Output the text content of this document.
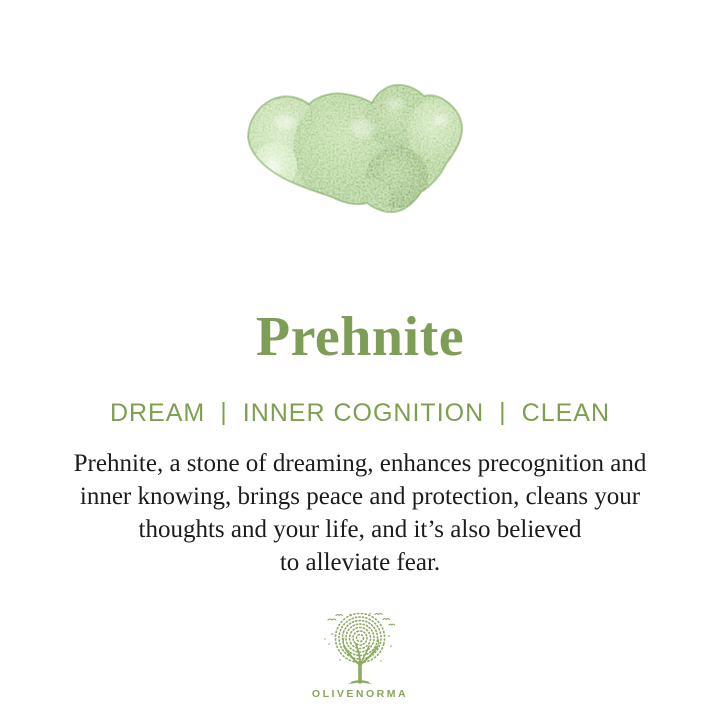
Prehnite
DREAM | INNER COGNITION | CLEAN
Prehnite, a stone of dreaming, enhances precognition and
inner knowing, brings peace and protection, cleans your
thoughts and your life, and it’s also believed
to alleviate fear.
OLIVENORMA
